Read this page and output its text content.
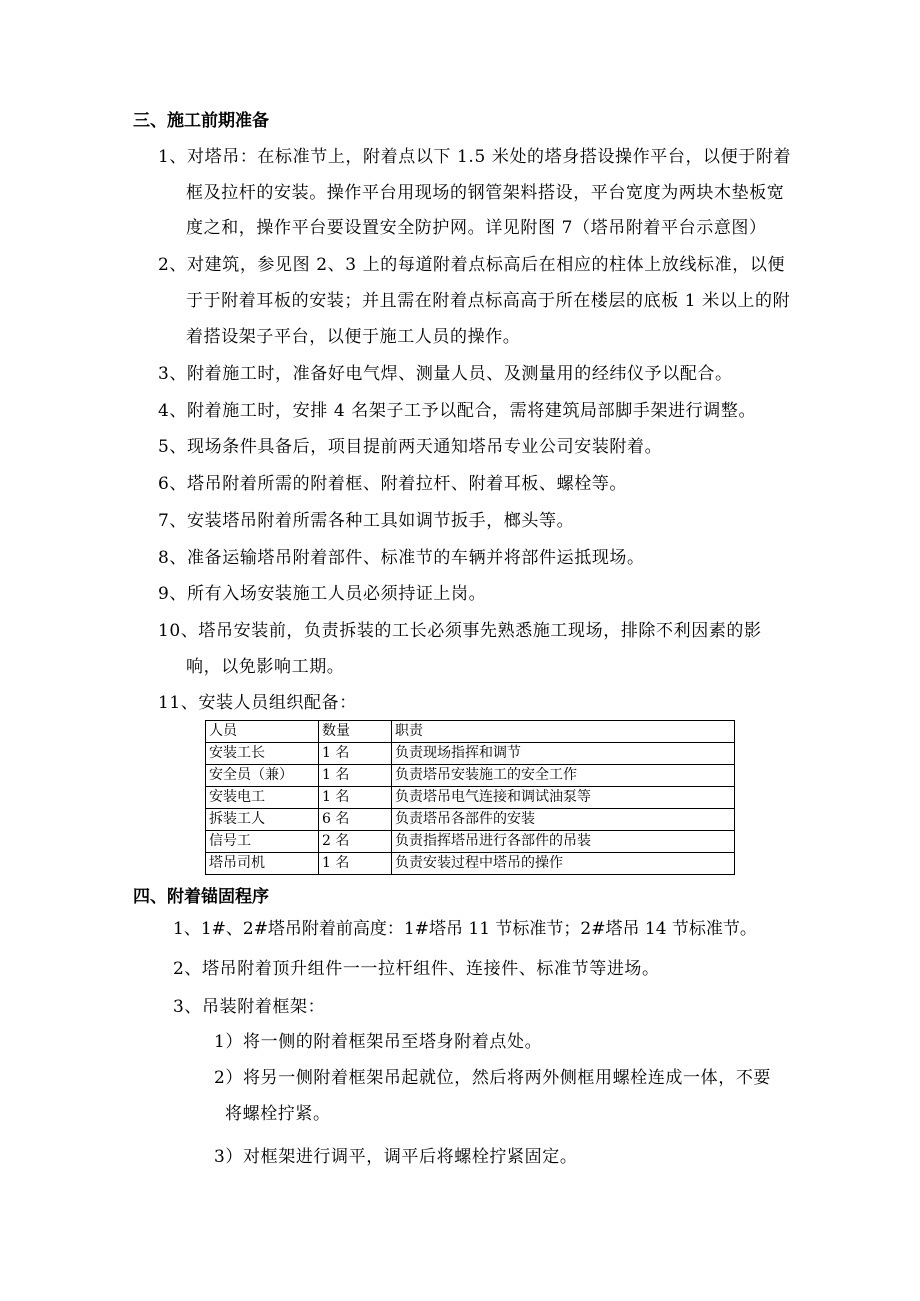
三、施工前期准备
1、对塔吊：在标准节上，附着点以下 1.5 米处的塔身搭设操作平台，以便于附着
框及拉杆的安装。操作平台用现场的钢管架料搭设，平台宽度为两块木垫板宽
度之和，操作平台要设置安全防护网。详见附图 7（塔吊附着平台示意图）
2、对建筑，参见图 2、3 上的每道附着点标高后在相应的柱体上放线标准，以便
于于附着耳板的安装；并且需在附着点标高高于所在楼层的底板 1 米以上的附
着搭设架子平台，以便于施工人员的操作。
3、附着施工时，准备好电气焊、测量人员、及测量用的经纬仪予以配合。
4、附着施工时，安排 4 名架子工予以配合，需将建筑局部脚手架进行调整。
5、现场条件具备后，项目提前两天通知塔吊专业公司安装附着。
6、塔吊附着所需的附着框、附着拉杆、附着耳板、螺栓等。
7、安装塔吊附着所需各种工具如调节扳手，榔头等。
8、准备运输塔吊附着部件、标准节的车辆并将部件运抵现场。
9、所有入场安装施工人员必须持证上岗。
10、塔吊安装前，负责拆装的工长必须事先熟悉施工现场，排除不利因素的影
响，以免影响工期。
11、安装人员组织配备：
人员	数量	职责
安装工长	1 名	负责现场指挥和调节
安全员（兼）	1 名	负责塔吊安装施工的安全工作
安装电工	1 名	负责塔吊电气连接和调试油泵等
拆装工人	6 名	负责塔吊各部件的安装
信号工	2 名	负责指挥塔吊进行各部件的吊装
塔吊司机	1 名	负责安装过程中塔吊的操作
四、附着锚固程序
1、1#、2#塔吊附着前高度：1#塔吊 11 节标准节；2#塔吊 14 节标准节。
2、塔吊附着顶升组件一一拉杆组件、连接件、标准节等进场。
3、吊装附着框架：
1）将一侧的附着框架吊至塔身附着点处。
2）将另一侧附着框架吊起就位，然后将两外侧框用螺栓连成一体，不要
将螺栓拧紧。
3）对框架进行调平，调平后将螺栓拧紧固定。
